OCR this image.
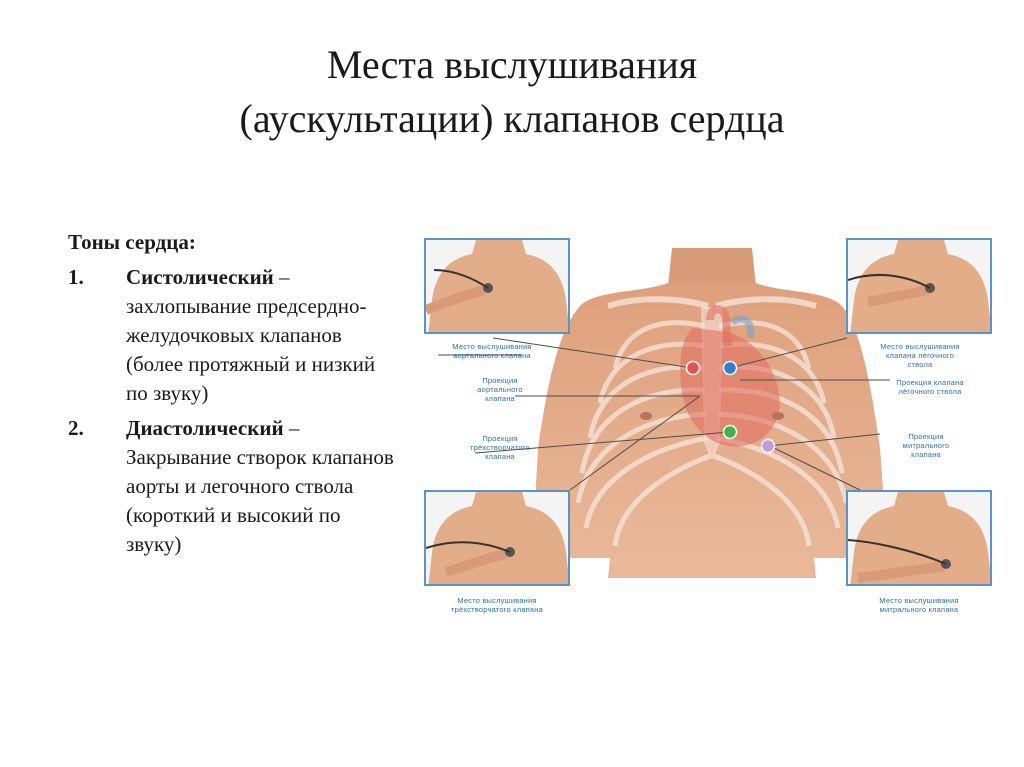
Места выслушивания
(аускультации) клапанов сердца
Тоны сердца:
1.	Систолический – захлопывание предсердно-желудочковых клапанов (более протяжный и низкий по звуку)
2.	Диастолический – Закрывание створок клапанов аорты и легочного ствола (короткий и высокий по звуку)
Место выслушивания
аортального клапана
Проекция
аортального
клапана
Проекция
трёхстворчатого
клапана
Место выслушивания
клапана лёгочного
ствола
Проекция клапана
лёгочного ствола
Проекция
митрального
клапана
Место выслушивания
трёхстворчатого клапана
Место выслушивания
митрального клапана
